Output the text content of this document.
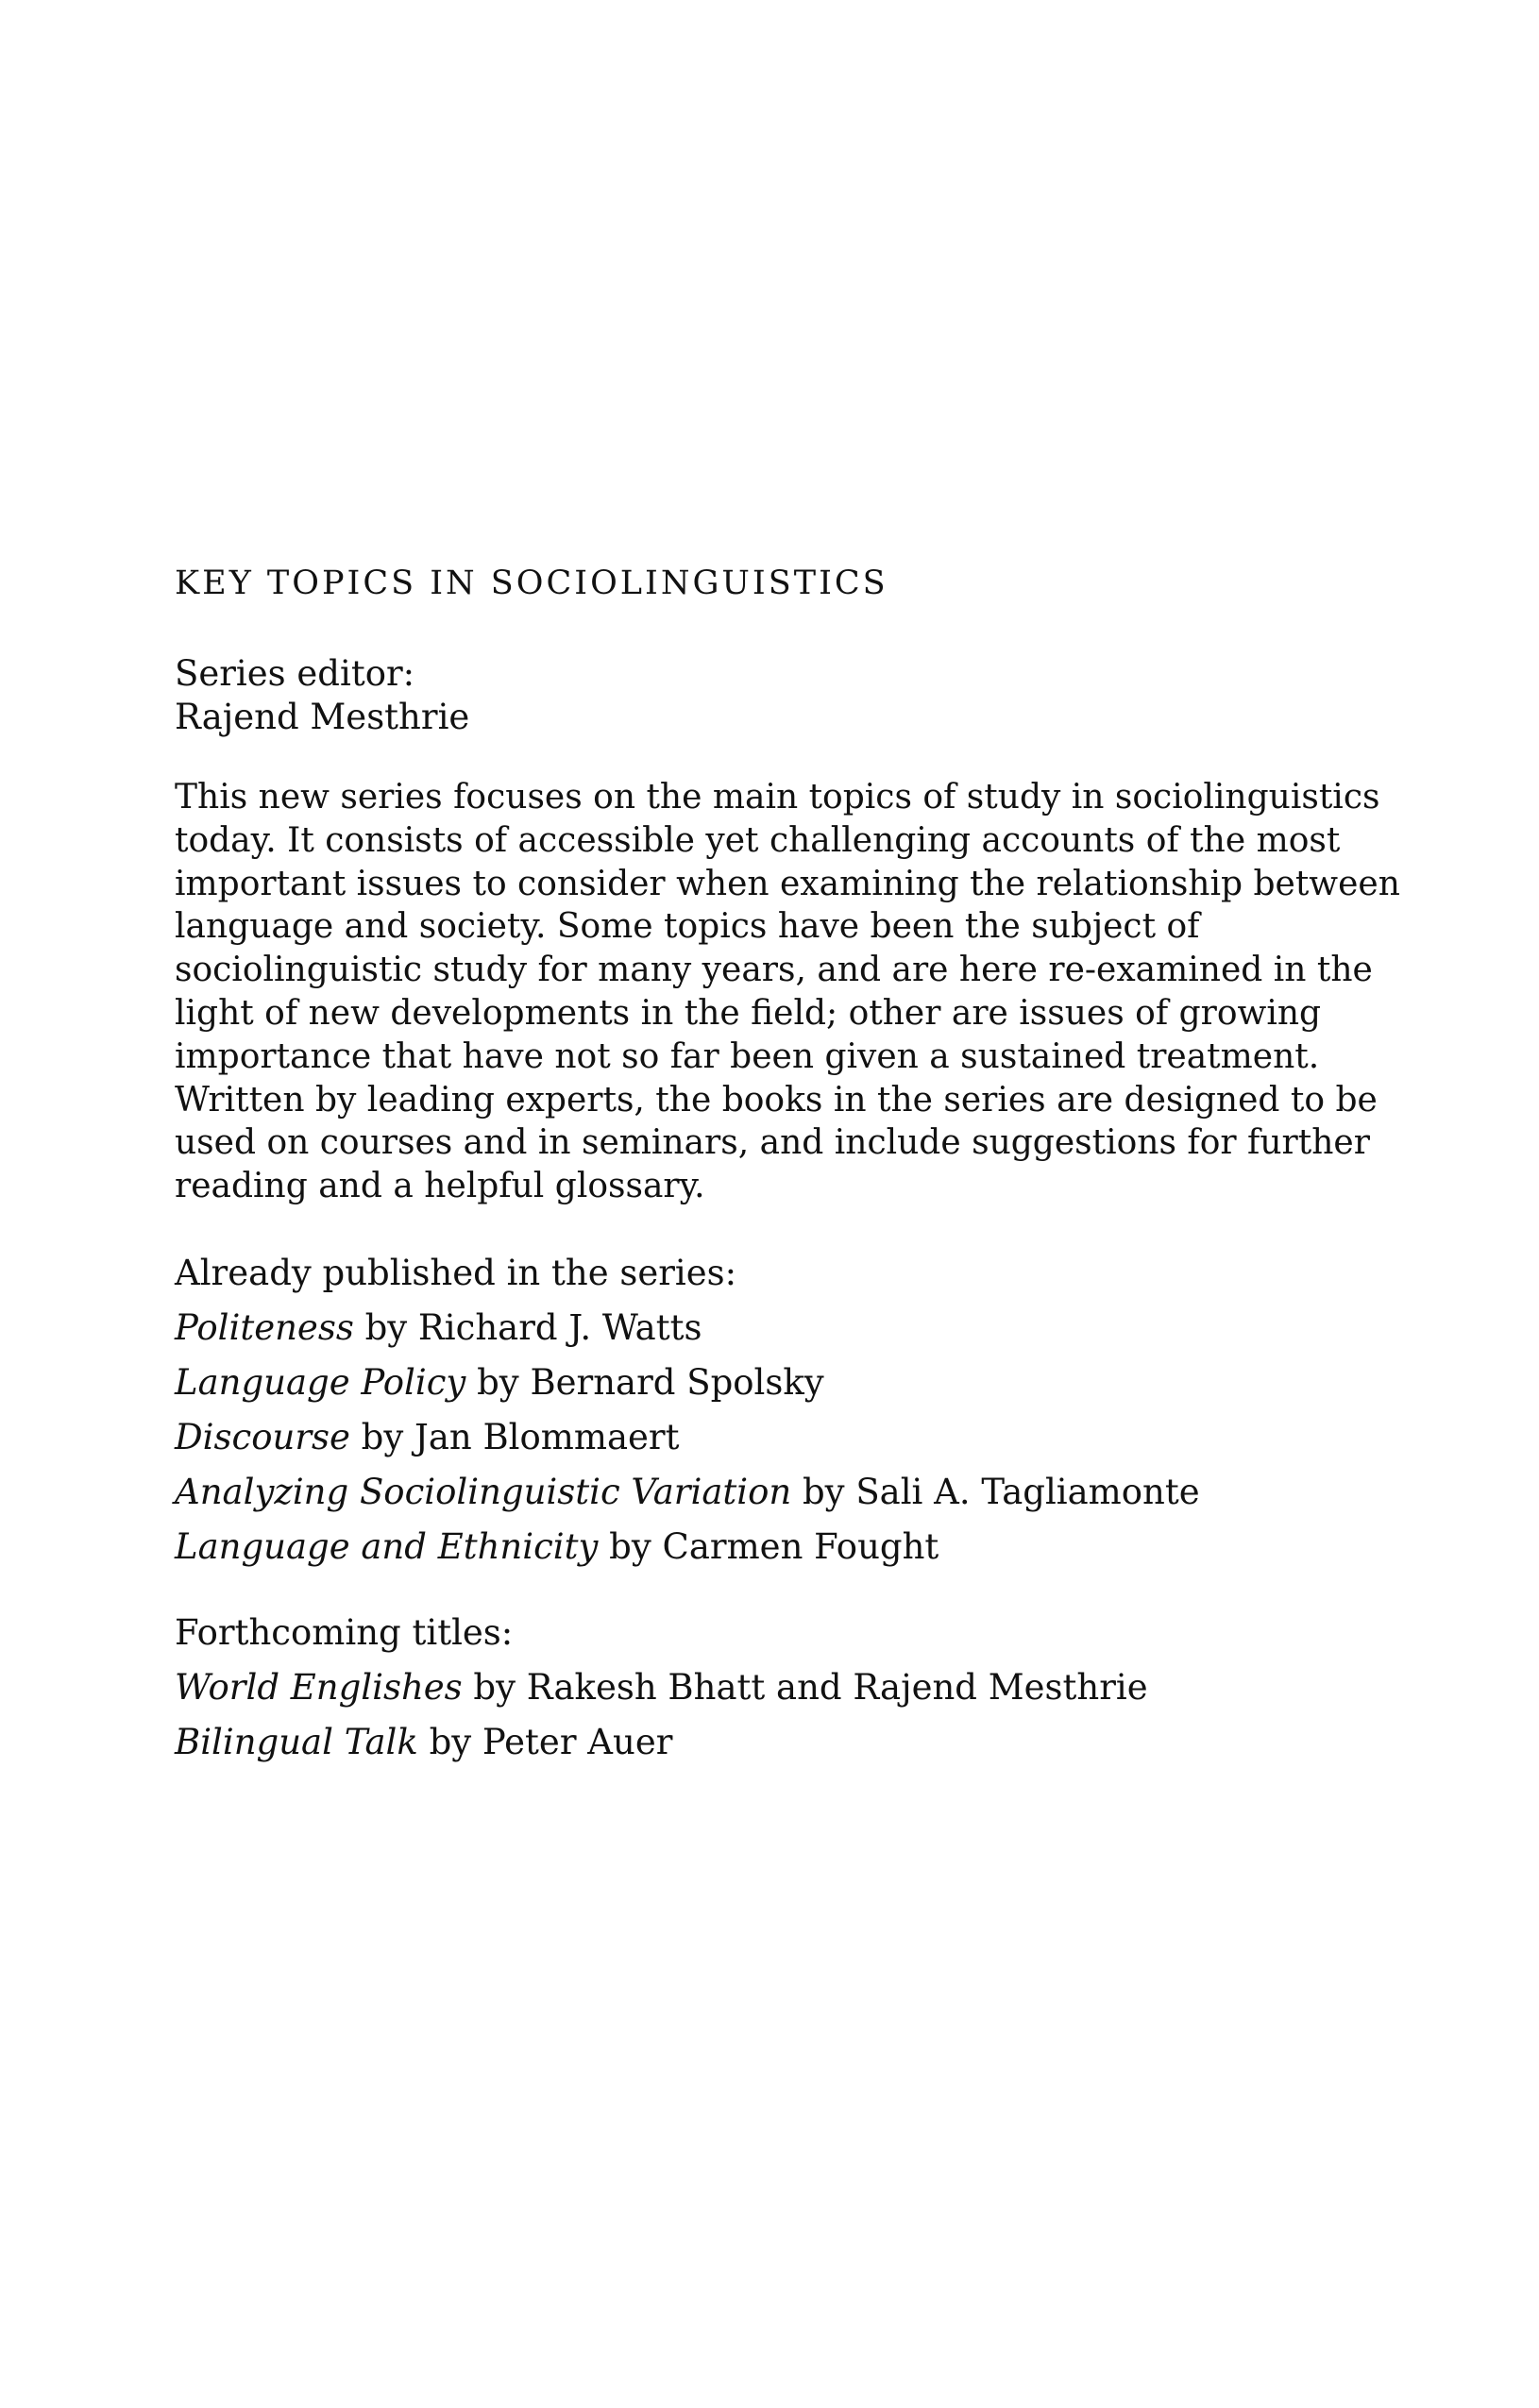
KEY TOPICS IN SOCIOLINGUISTICS
Series editor:
Rajend Mesthrie

This new series focuses on the main topics of study in sociolinguistics today. It consists of accessible yet challenging accounts of the most important issues to consider when examining the relationship between language and society. Some topics have been the subject of sociolinguistic study for many years, and are here re-examined in the light of new developments in the field; other are issues of growing importance that have not so far been given a sustained treatment. Written by leading experts, the books in the series are designed to be used on courses and in seminars, and include suggestions for further reading and a helpful glossary.

Already published in the series:
Politeness by Richard J. Watts
Language Policy by Bernard Spolsky
Discourse by Jan Blommaert
Analyzing Sociolinguistic Variation by Sali A. Tagliamonte
Language and Ethnicity by Carmen Fought
Forthcoming titles:
World Englishes by Rakesh Bhatt and Rajend Mesthrie
Bilingual Talk by Peter Auer
